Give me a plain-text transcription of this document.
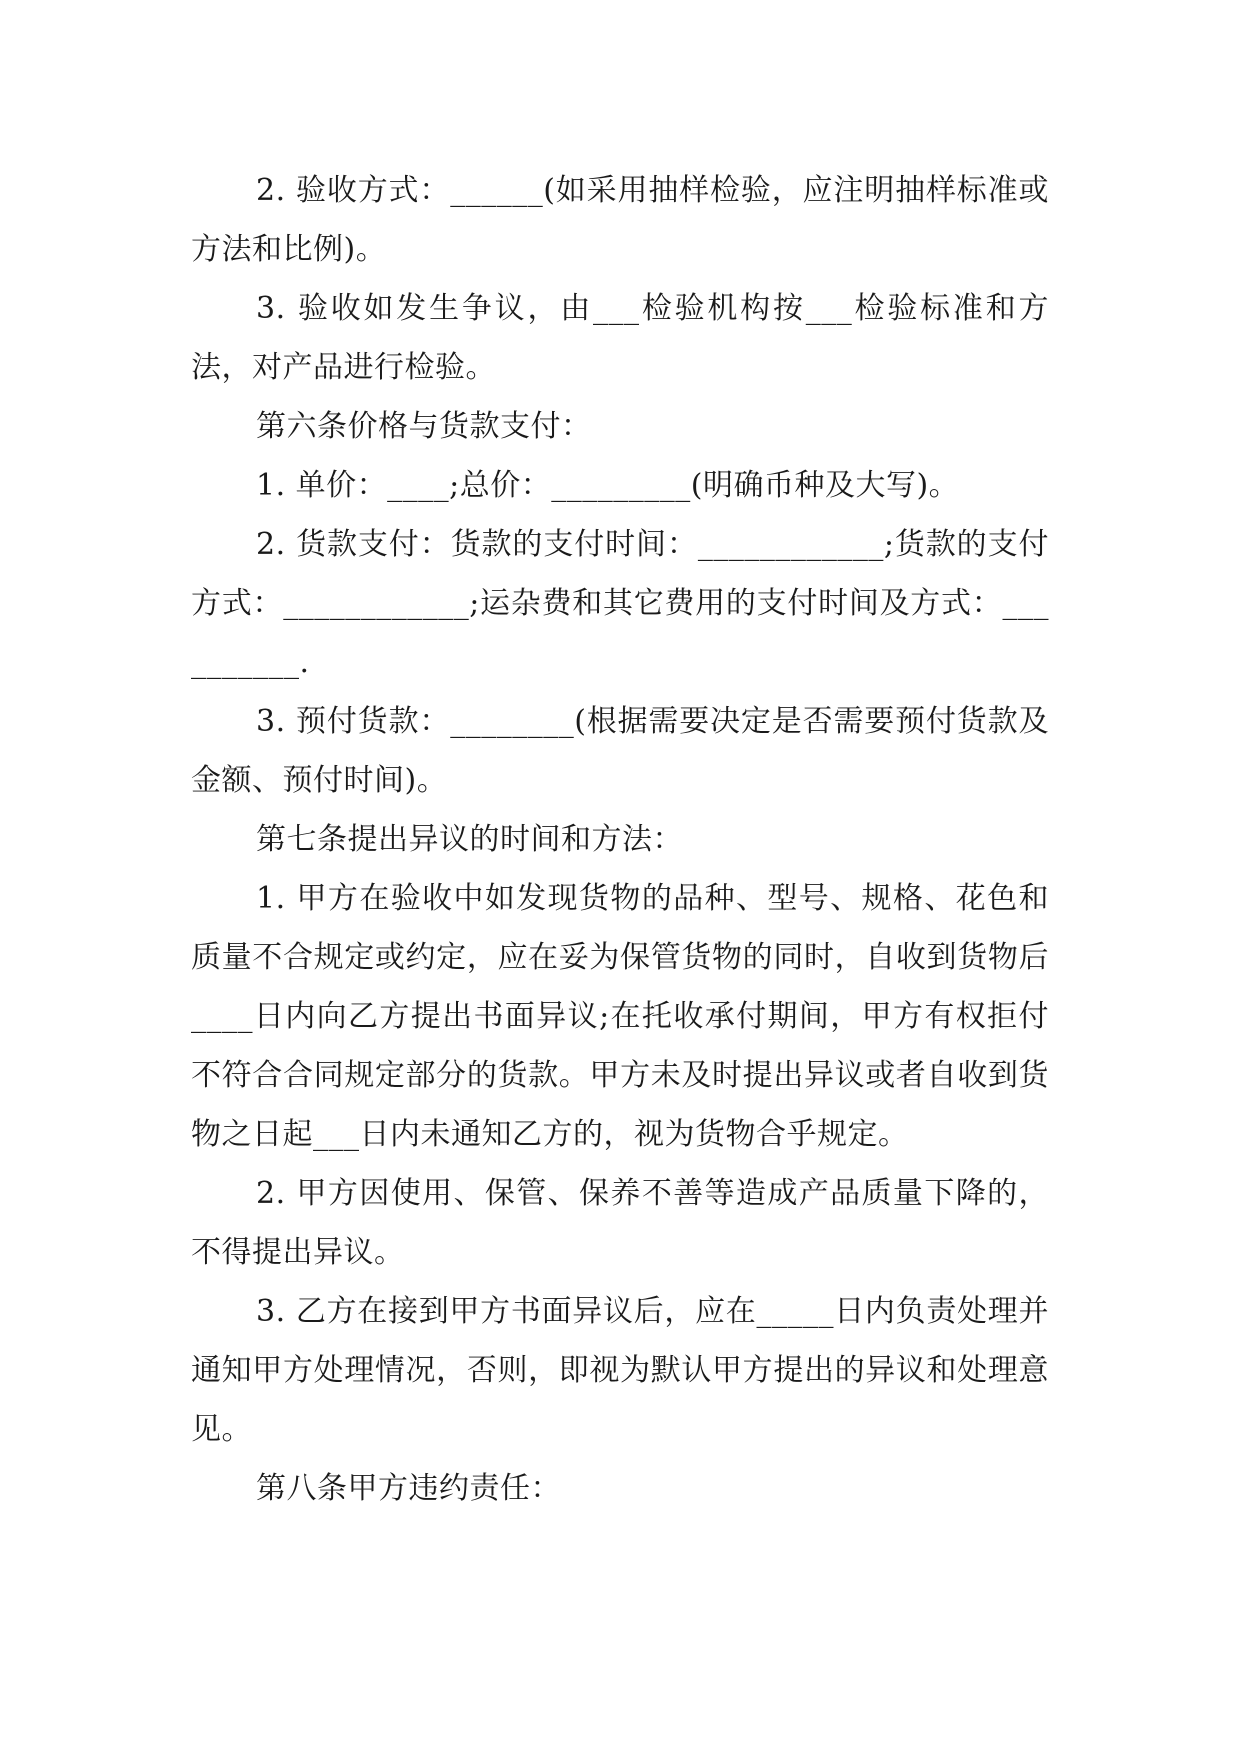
2. 验收方式：______(如采用抽样检验，应注明抽样标准或方法和比例)。

3. 验收如发生争议，由___检验机构按___检验标准和方法，对产品进行检验。

第六条价格与货款支付：

1. 单价：____;总价：_________(明确币种及大写)。

2. 货款支付：货款的支付时间：____________;货款的支付方式：____________;运杂费和其它费用的支付时间及方式：__________.

3. 预付货款：________(根据需要决定是否需要预付货款及金额、预付时间)。

第七条提出异议的时间和方法：

1. 甲方在验收中如发现货物的品种、型号、规格、花色和质量不合规定或约定，应在妥为保管货物的同时，自收到货物后____日内向乙方提出书面异议;在托收承付期间，甲方有权拒付不符合合同规定部分的货款。甲方未及时提出异议或者自收到货物之日起___日内未通知乙方的，视为货物合乎规定。

2. 甲方因使用、保管、保养不善等造成产品质量下降的，不得提出异议。

3. 乙方在接到甲方书面异议后，应在_____日内负责处理并通知甲方处理情况，否则，即视为默认甲方提出的异议和处理意见。

第八条甲方违约责任：
